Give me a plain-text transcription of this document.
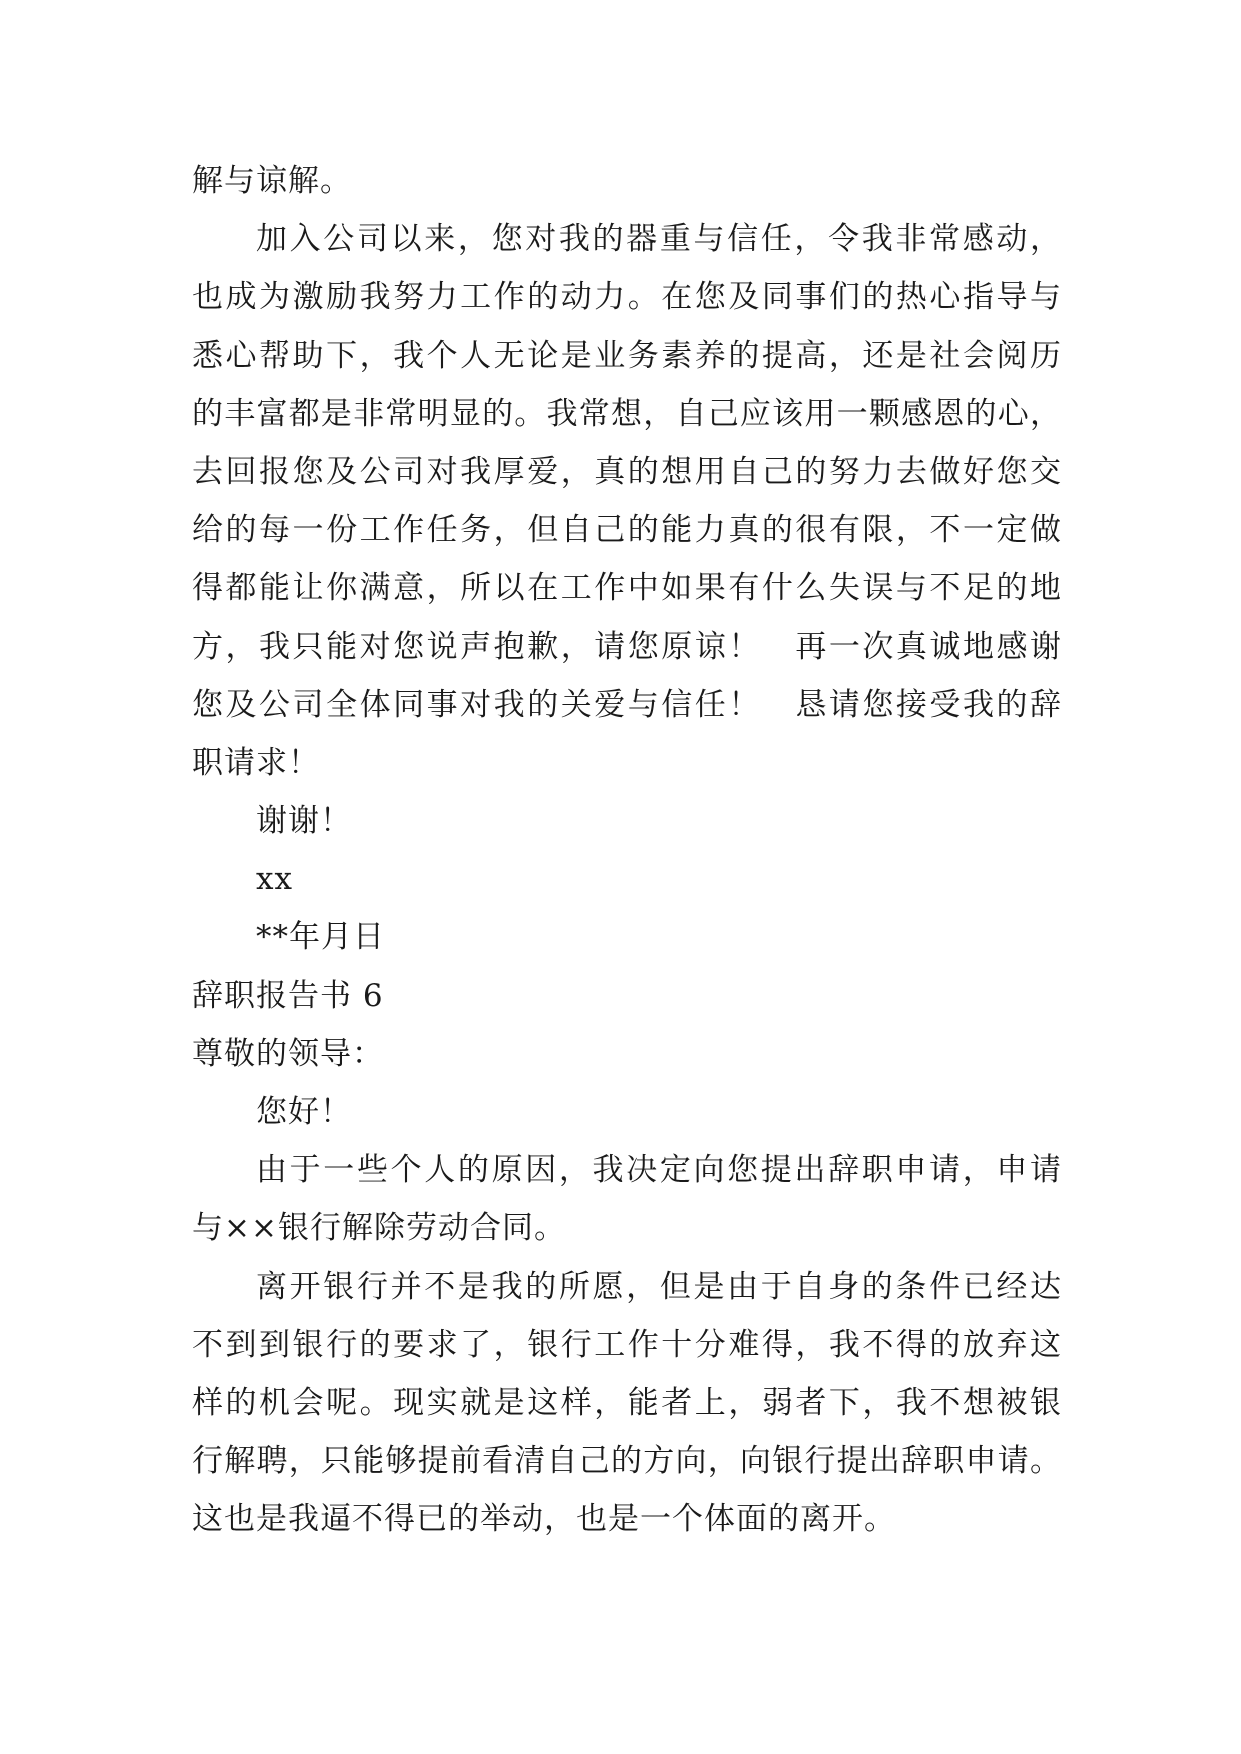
解与谅解。
加入公司以来，您对我的器重与信任，令我非常感动，
也成为激励我努力工作的动力。在您及同事们的热心指导与
悉心帮助下，我个人无论是业务素养的提高，还是社会阅历
的丰富都是非常明显的。我常想，自己应该用一颗感恩的心，
去回报您及公司对我厚爱，真的想用自己的努力去做好您交
给的每一份工作任务，但自己的能力真的很有限，不一定做
得都能让你满意，所以在工作中如果有什么失误与不足的地
方，我只能对您说声抱歉，请您原谅！　再一次真诚地感谢
您及公司全体同事对我的关爱与信任！　恳请您接受我的辞
职请求！
谢谢！
xx
**年月日
辞职报告书 6
尊敬的领导：
您好！
由于一些个人的原因，我决定向您提出辞职申请，申请
与××银行解除劳动合同。
离开银行并不是我的所愿，但是由于自身的条件已经达
不到到银行的要求了，银行工作十分难得，我不得的放弃这
样的机会呢。现实就是这样，能者上，弱者下，我不想被银
行解聘，只能够提前看清自己的方向，向银行提出辞职申请。
这也是我逼不得已的举动，也是一个体面的离开。
